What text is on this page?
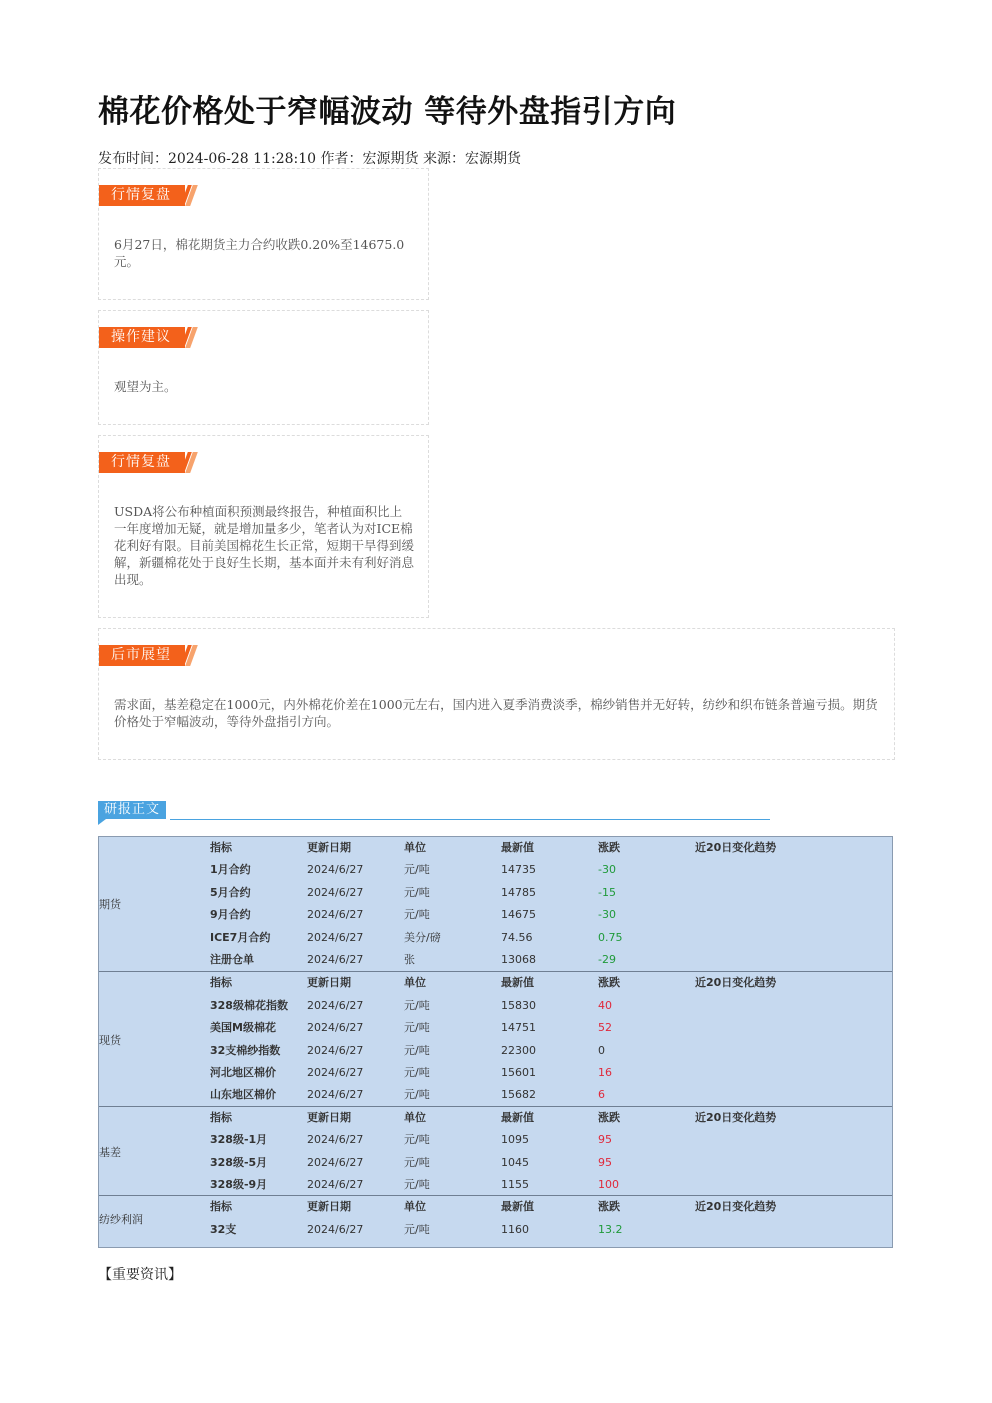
棉花价格处于窄幅波动 等待外盘指引方向
发布时间：2024-06-28 11:28:10 作者：宏源期货 来源：宏源期货
行情复盘
6月27日，棉花期货主力合约收跌0.20%至14675.0元。
操作建议
观望为主。
行情复盘
USDA将公布种植面积预测最终报告，种植面积比上一年度增加无疑，就是增加量多少，笔者认为对ICE棉花利好有限。目前美国棉花生长正常，短期干旱得到缓解，新疆棉花处于良好生长期，基本面并未有利好消息出现。
后市展望
需求面，基差稳定在1000元，内外棉花价差在1000元左右，国内进入夏季消费淡季，棉纱销售并无好转，纺纱和织布链条普遍亏损。期货价格处于窄幅波动，等待外盘指引方向。
研报正文
期货
指标	更新日期	单位	最新值	涨跌	近20日变化趋势
1月合约	2024/6/27	元/吨	14735	-30
5月合约	2024/6/27	元/吨	14785	-15
9月合约	2024/6/27	元/吨	14675	-30
ICE7月合约	2024/6/27	美分/磅	74.56	0.75
注册仓单	2024/6/27	张	13068	-29
现货
指标	更新日期	单位	最新值	涨跌	近20日变化趋势
328级棉花指数 2024/6/27	元/吨	15830	40
美国M级棉花	2024/6/27	元/吨	14751	52
32支棉纱指数 2024/6/27	元/吨	22300	0
河北地区棉价	2024/6/27	元/吨	15601	16
山东地区棉价	2024/6/27	元/吨	15682	6
基差
指标	更新日期	单位	最新值	涨跌	近20日变化趋势
328级-1月	2024/6/27	元/吨	1095	95
328级-5月	2024/6/27	元/吨	1045	95
328级-9月	2024/6/27	元/吨	1155	100
纺纱利润
指标	更新日期	单位	最新值	涨跌	近20日变化趋势
32支	2024/6/27	元/吨	1160	13.2
【重要资讯】
